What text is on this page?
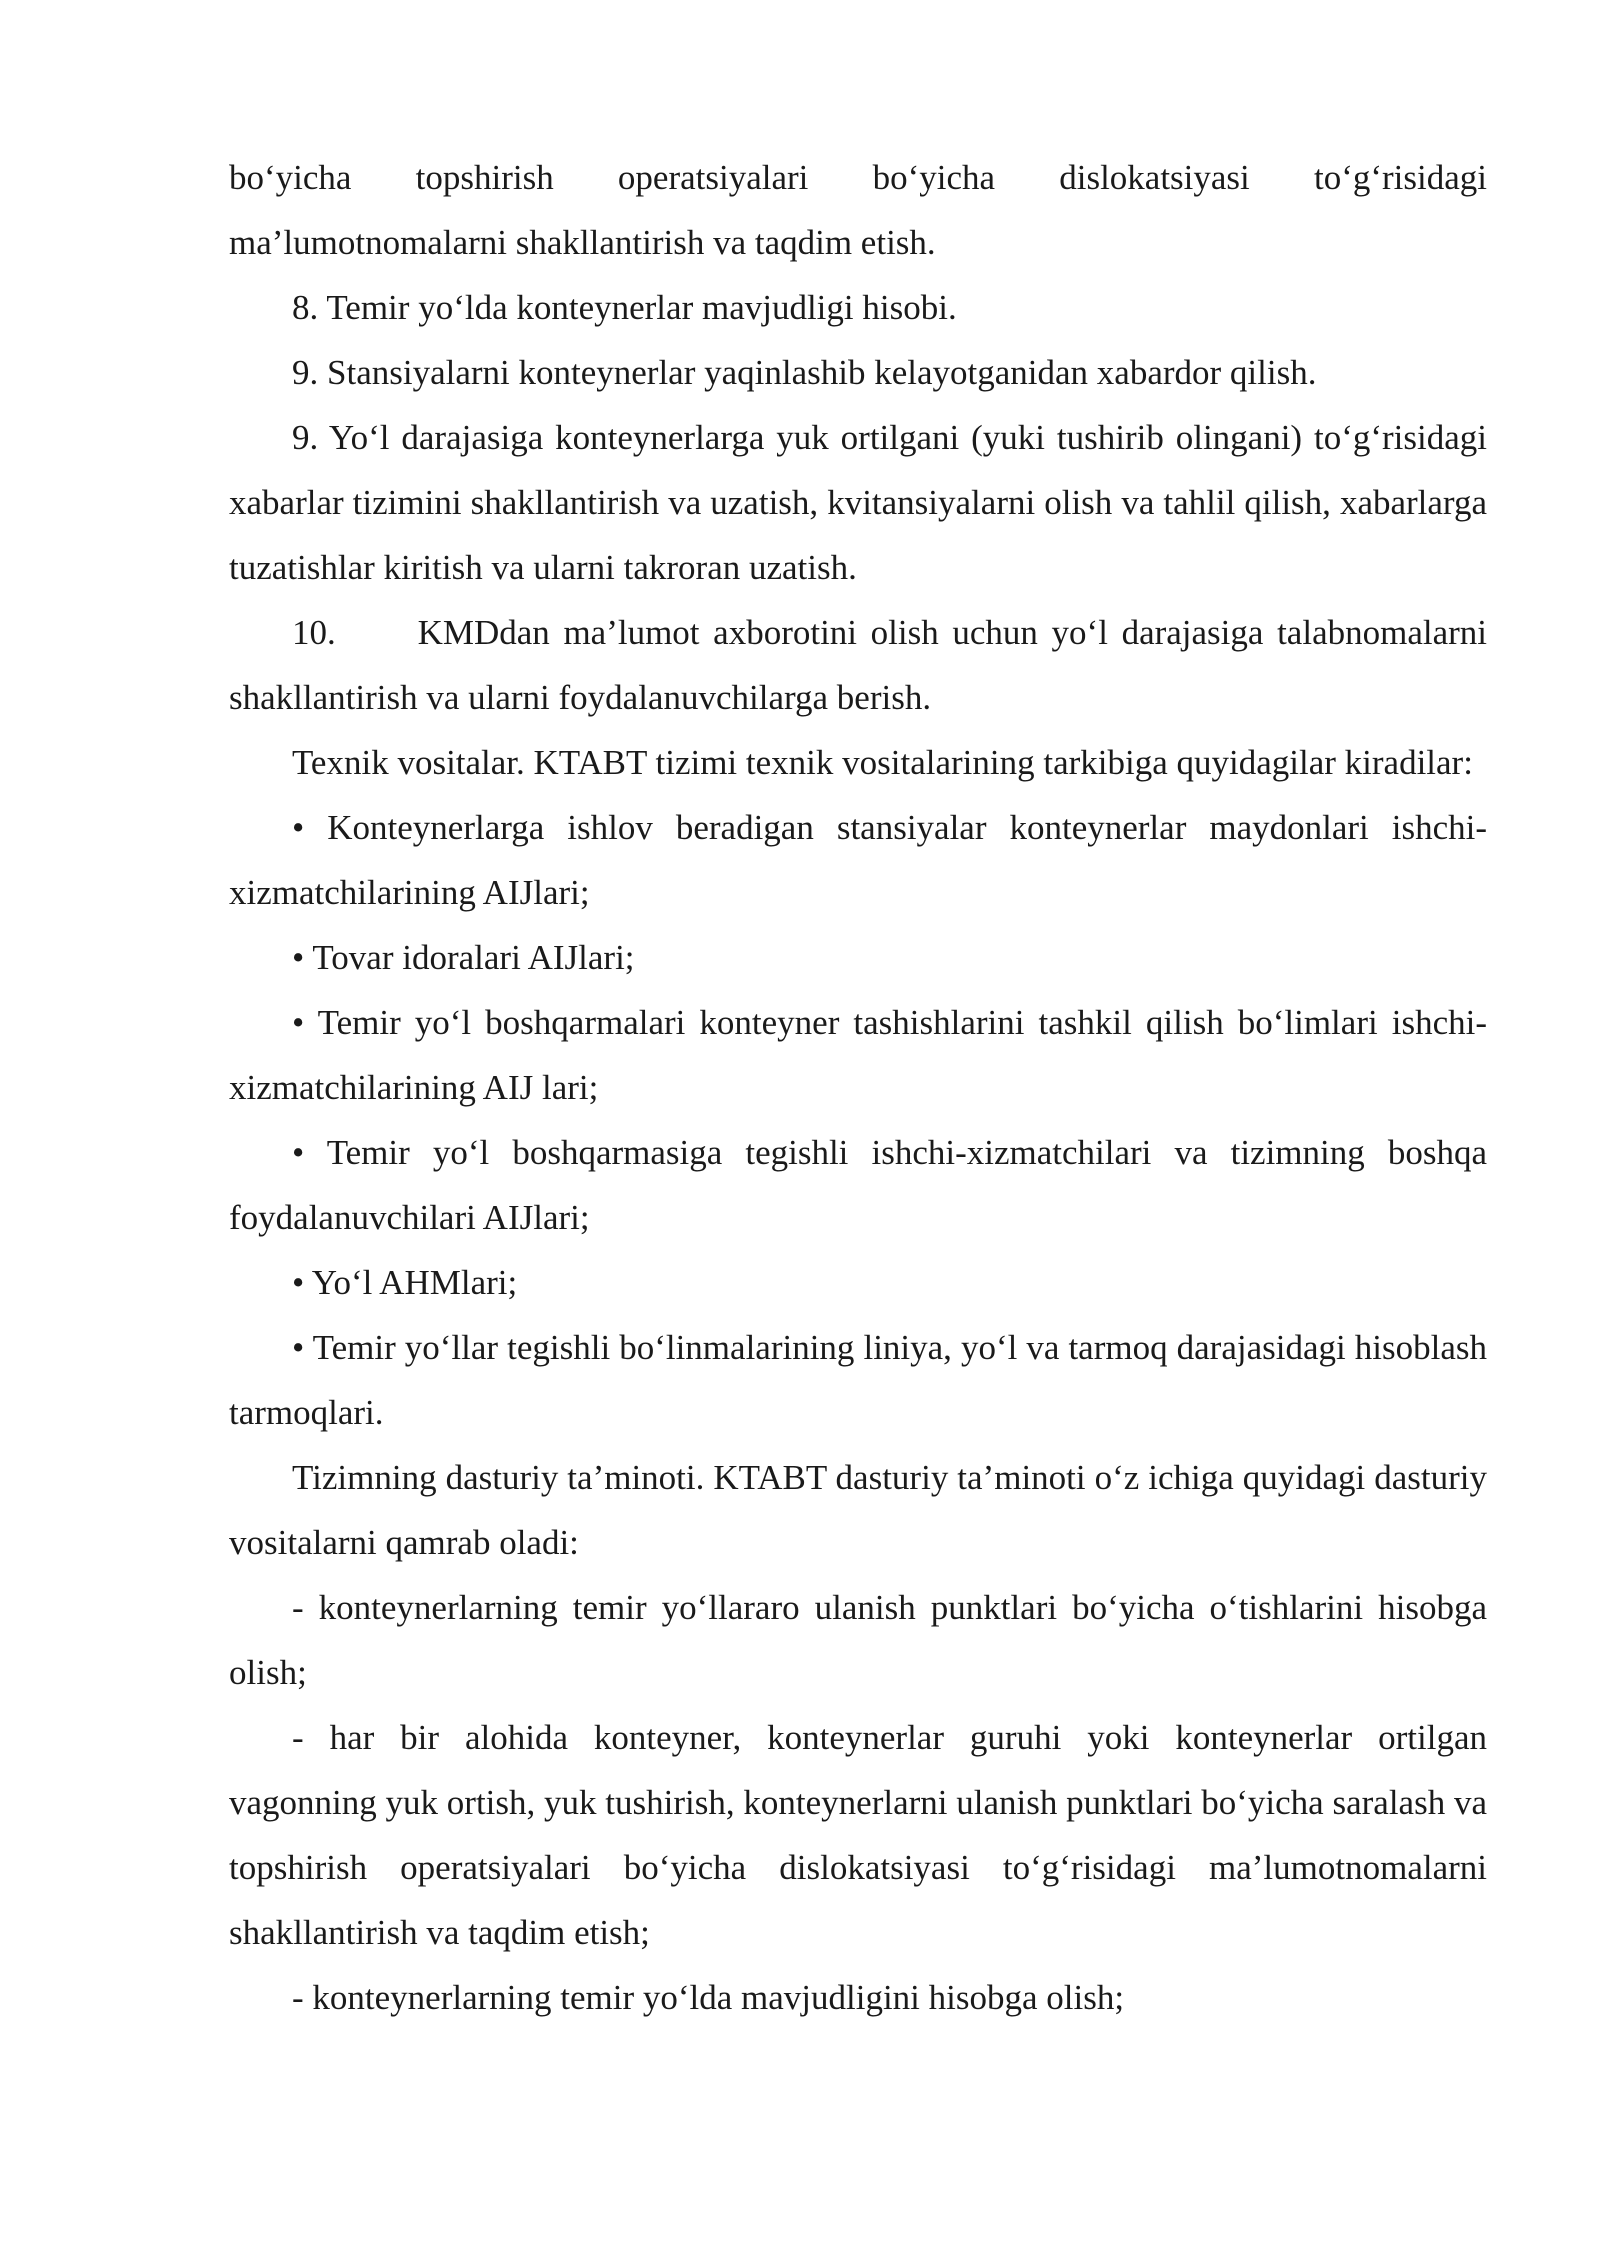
bo‘yicha topshirish operatsiyalari bo‘yicha dislokatsiyasi to‘g‘risidagi ma’lumotnomalarni shakllantirish va taqdim etish.

8. Temir yo‘lda konteynerlar mavjudligi hisobi.

9. Stansiyalarni konteynerlar yaqinlashib kelayotganidan xabardor qilish.

9. Yo‘l darajasiga konteynerlarga yuk ortilgani (yuki tushirib olingani) to‘g‘risidagi xabarlar tizimini shakllantirish va uzatish, kvitansiyalarni olish va tahlil qilish, xabarlarga tuzatishlar kiritish va ularni takroran uzatish.

10.      KMDdan ma’lumot axborotini olish uchun yo‘l darajasiga talabnomalarni shakllantirish va ularni foydalanuvchilarga berish.

Texnik vositalar. KTABT tizimi texnik vositalarining tarkibiga quyidagilar kiradilar:

• Konteynerlarga ishlov beradigan stansiyalar konteynerlar maydonlari ishchi-xizmatchilarining AIJlari;

• Tovar idoralari AIJlari;

• Temir yo‘l boshqarmalari konteyner tashishlarini tashkil qilish bo‘limlari ishchi-xizmatchilarining AIJ lari;

• Temir yo‘l boshqarmasiga tegishli ishchi-xizmatchilari va tizimning boshqa foydalanuvchilari AIJlari;

• Yo‘l AHMlari;

• Temir yo‘llar tegishli bo‘linmalarining liniya, yo‘l va tarmoq darajasidagi hisoblash tarmoqlari.

Tizimning dasturiy ta’minoti. KTABT dasturiy ta’minoti o‘z ichiga quyidagi dasturiy vositalarni qamrab oladi:

- konteynerlarning temir yo‘llararo ulanish punktlari bo‘yicha o‘tishlarini hisobga olish;

- har bir alohida konteyner, konteynerlar guruhi yoki konteynerlar ortilgan vagonning yuk ortish, yuk tushirish, konteynerlarni ulanish punktlari bo‘yicha saralash va topshirish operatsiyalari bo‘yicha dislokatsiyasi to‘g‘risidagi ma’lumotnomalarni shakllantirish va taqdim etish;

- konteynerlarning temir yo‘lda mavjudligini hisobga olish;
